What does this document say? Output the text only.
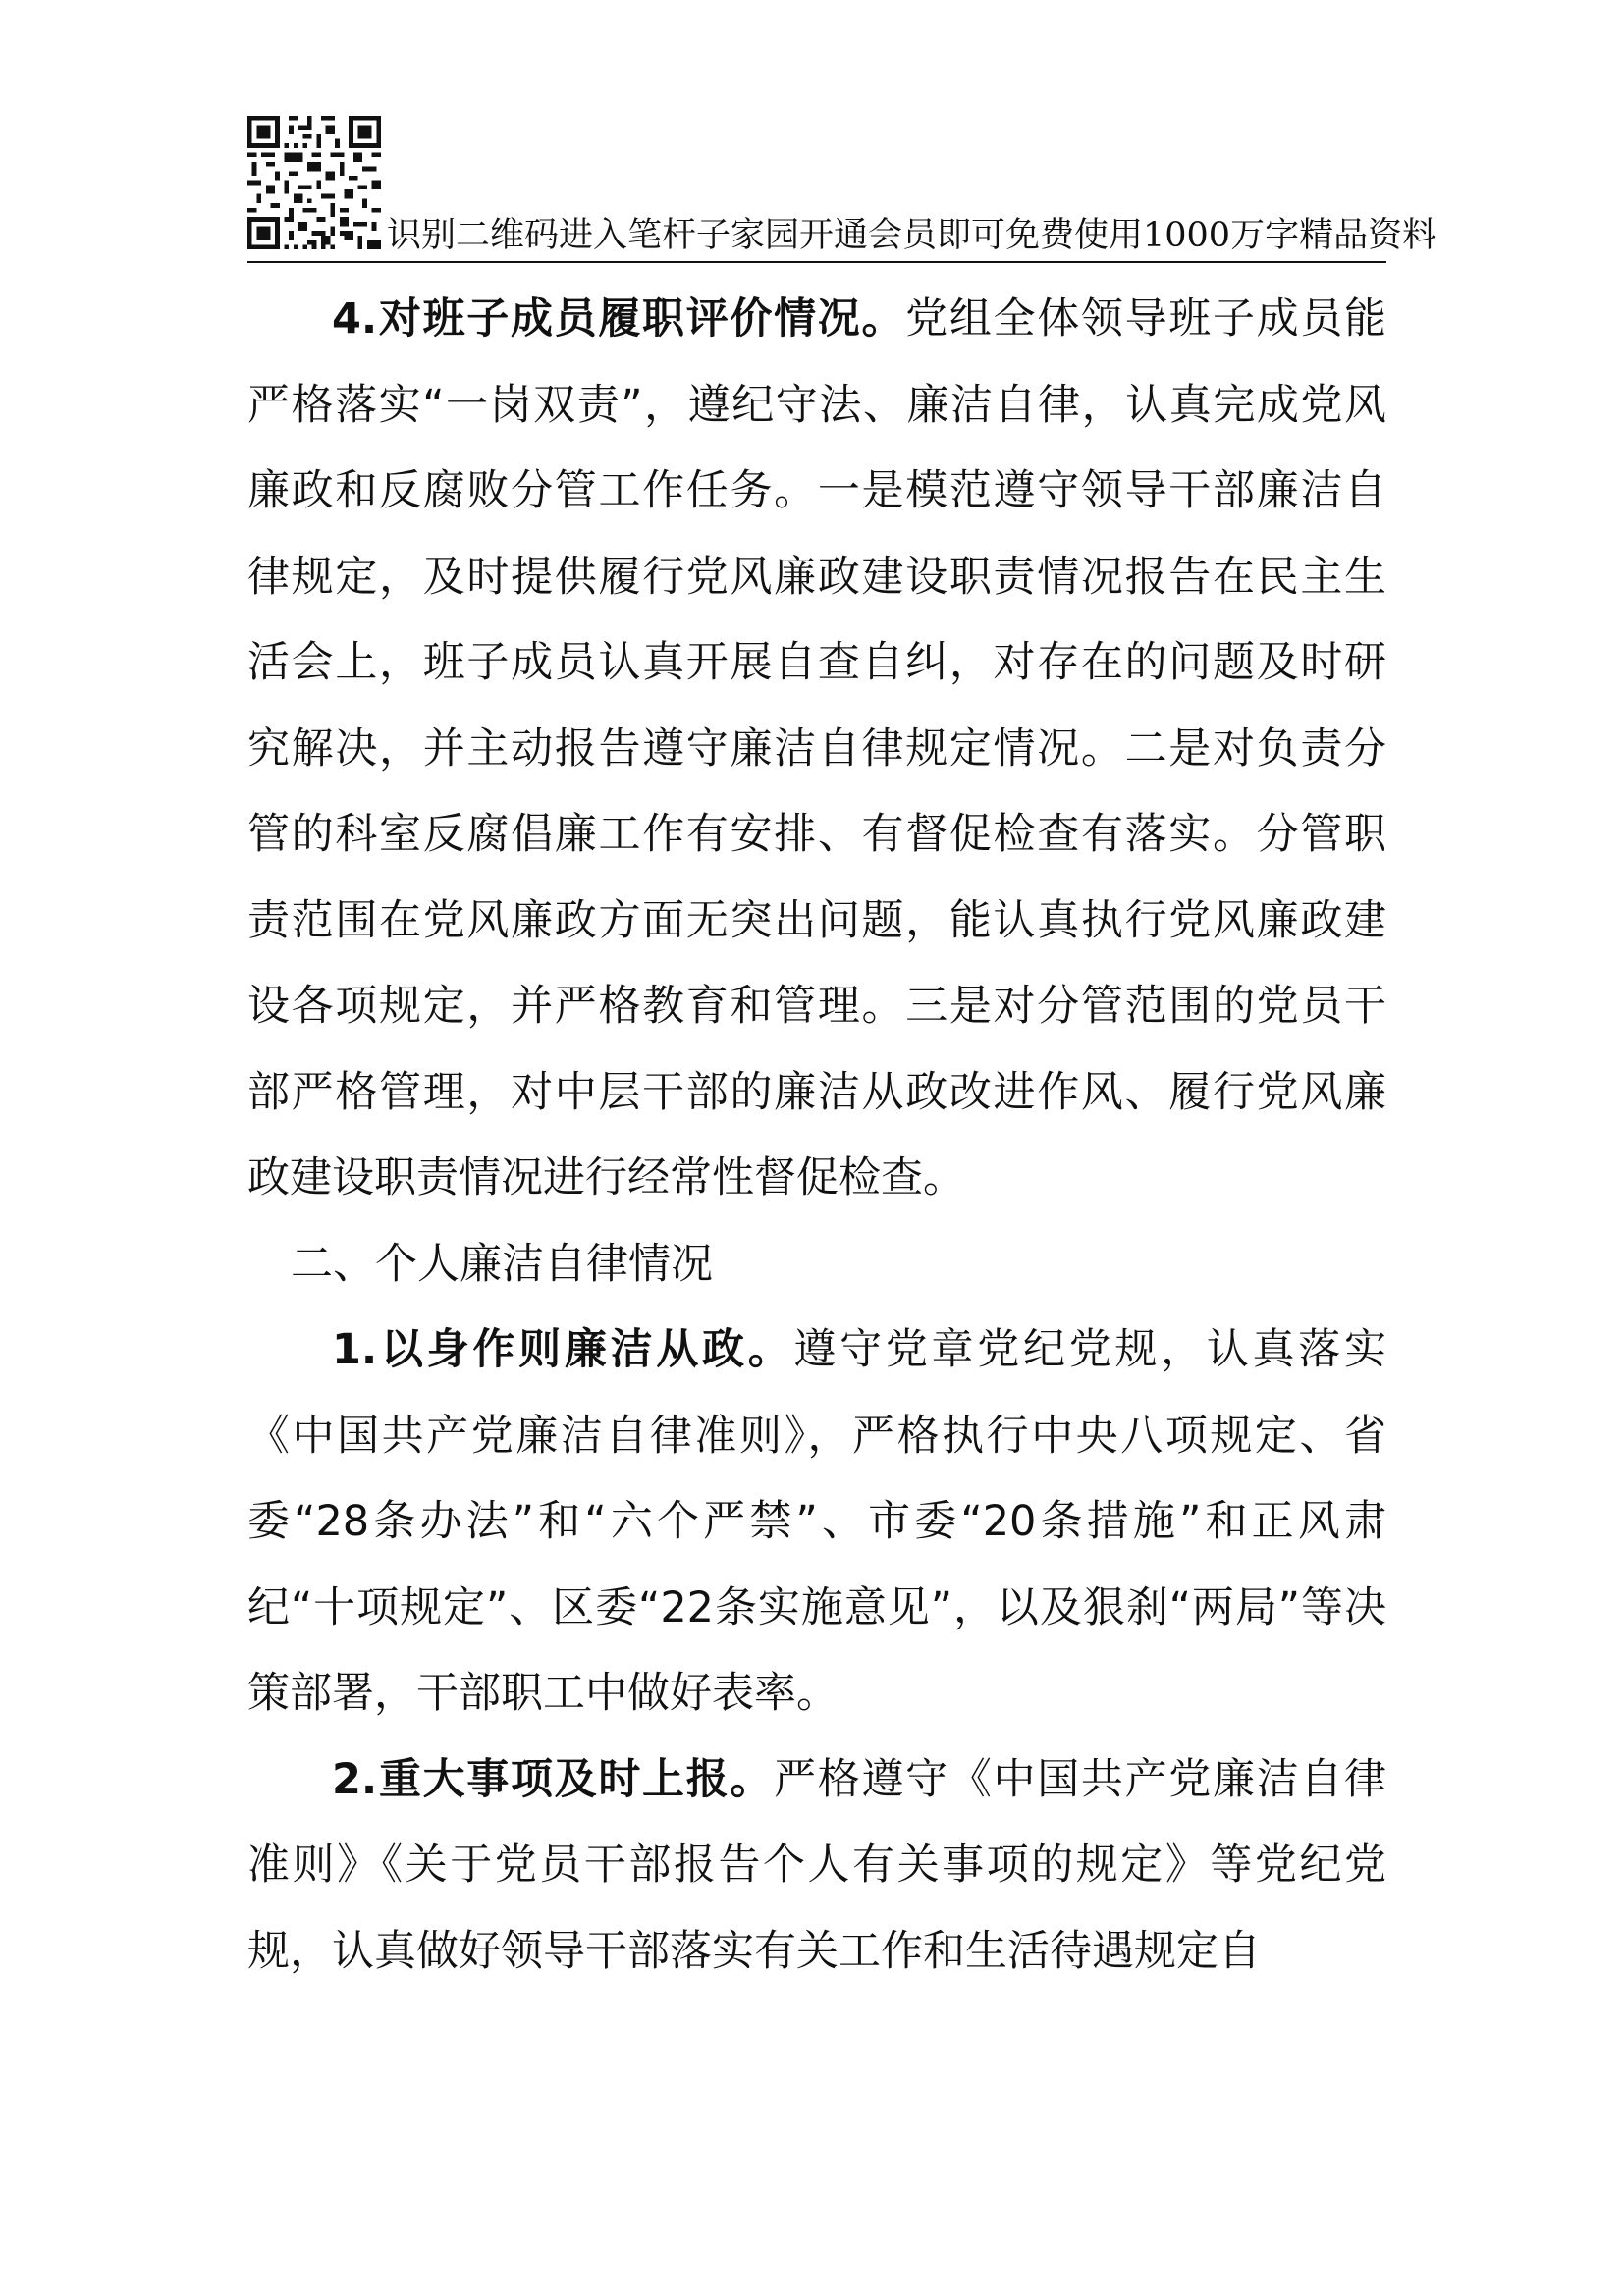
识别二维码进入笔杆子家园开通会员即可免费使用1000万字精品资料

4.对班子成员履职评价情况。党组全体领导班子成员能严格落实“一岗双责”，遵纪守法、廉洁自律，认真完成党风廉政和反腐败分管工作任务。一是模范遵守领导干部廉洁自律规定，及时提供履行党风廉政建设职责情况报告在民主生活会上，班子成员认真开展自查自纠，对存在的问题及时研究解决，并主动报告遵守廉洁自律规定情况。二是对负责分管的科室反腐倡廉工作有安排、有督促检查有落实。分管职责范围在党风廉政方面无突出问题，能认真执行党风廉政建设各项规定，并严格教育和管理。三是对分管范围的党员干部严格管理，对中层干部的廉洁从政改进作风、履行党风廉政建设职责情况进行经常性督促检查。

二、个人廉洁自律情况

1.以身作则廉洁从政。遵守党章党纪党规，认真落实《中国共产党廉洁自律准则》，严格执行中央八项规定、省委“28条办法”和“六个严禁”、市委“20条措施”和正风肃纪“十项规定”、区委“22条实施意见”，以及狠刹“两局”等决策部署，干部职工中做好表率。

2.重大事项及时上报。严格遵守《中国共产党廉洁自律准则》《关于党员干部报告个人有关事项的规定》等党纪党规，认真做好领导干部落实有关工作和生活待遇规定自
